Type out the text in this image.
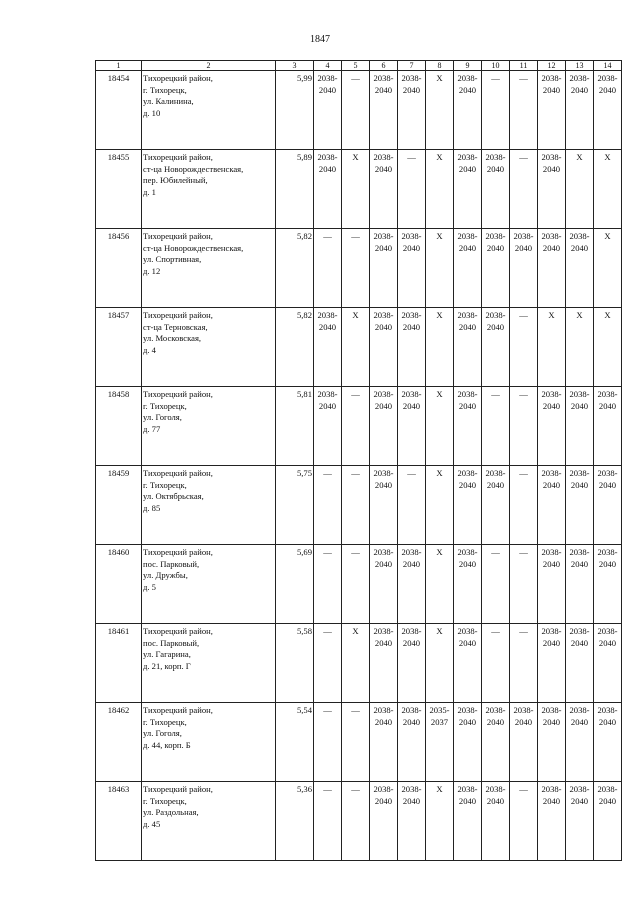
1847
1	2	3	4	5	6	7	8	9	10	11	12	13	14
18454	Тихорецкий район,
г. Тихорецк,
ул. Калинина,
д. 10	5,99	2038-
2040	—	2038-
2040	2038-
2040	X	2038-
2040	—	—	2038-
2040	2038-
2040	2038-
2040

18455	Тихорецкий район,
ст-ца Новорождественская,
пер. Юбилейный,
д. 1	5,89	2038-
2040	X	2038-
2040	—	X	2038-
2040	2038-
2040	—	2038-
2040	X	X
18456	Тихорецкий район,
ст-ца Новорождественская,
ул. Спортивная,
д. 12	5,82	—	—	2038-
2040	2038-
2040	X	2038-
2040	2038-
2040	2038-
2040	2038-
2040	2038-
2040	X
18457	Тихорецкий район,
ст-ца Терновская,
ул. Московская,
д. 4	5,82	2038-
2040	X	2038-
2040	2038-
2040	X	2038-
2040	2038-
2040	—	X	X	X
18458	Тихорецкий район,
г. Тихорецк,
ул. Гоголя,
д. 77	5,81	2038-
2040	—	2038-
2040	2038-
2040	X	2038-
2040	—	—	2038-
2040	2038-
2040	2038-
2040

18459	Тихорецкий район,
г. Тихорецк,
ул. Октябрьская,
д. 85	5,75	—	—	2038-
2040	—	X	2038-
2040	2038-
2040	—	2038-
2040	2038-
2040	2038-
2040

18460	Тихорецкий район,
пос. Парковый,
ул. Дружбы,
д. 5	5,69	—	—	2038-
2040	2038-
2040	X	2038-
2040	—	—	2038-
2040	2038-
2040	2038-
2040

18461	Тихорецкий район,
пос. Парковый,
ул. Гагарина,
д. 21, корп. Г	5,58	—	X	2038-
2040	2038-
2040	X	2038-
2040	—	—	2038-
2040	2038-
2040	2038-
2040

18462	Тихорецкий район,
г. Тихорецк,
ул. Гоголя,
д. 44, корп. Б	5,54	—	—	2038-
2040	2038-
2040	2035-
2037	2038-
2040	2038-
2040	2038-
2040	2038-
2040	2038-
2040	2038-
2040

18463	Тихорецкий район,
г. Тихорецк,
ул. Раздольная,
д. 45	5,36	—	—	2038-
2040	2038-
2040	X	2038-
2040	2038-
2040	—	2038-
2040	2038-
2040	2038-
2040
